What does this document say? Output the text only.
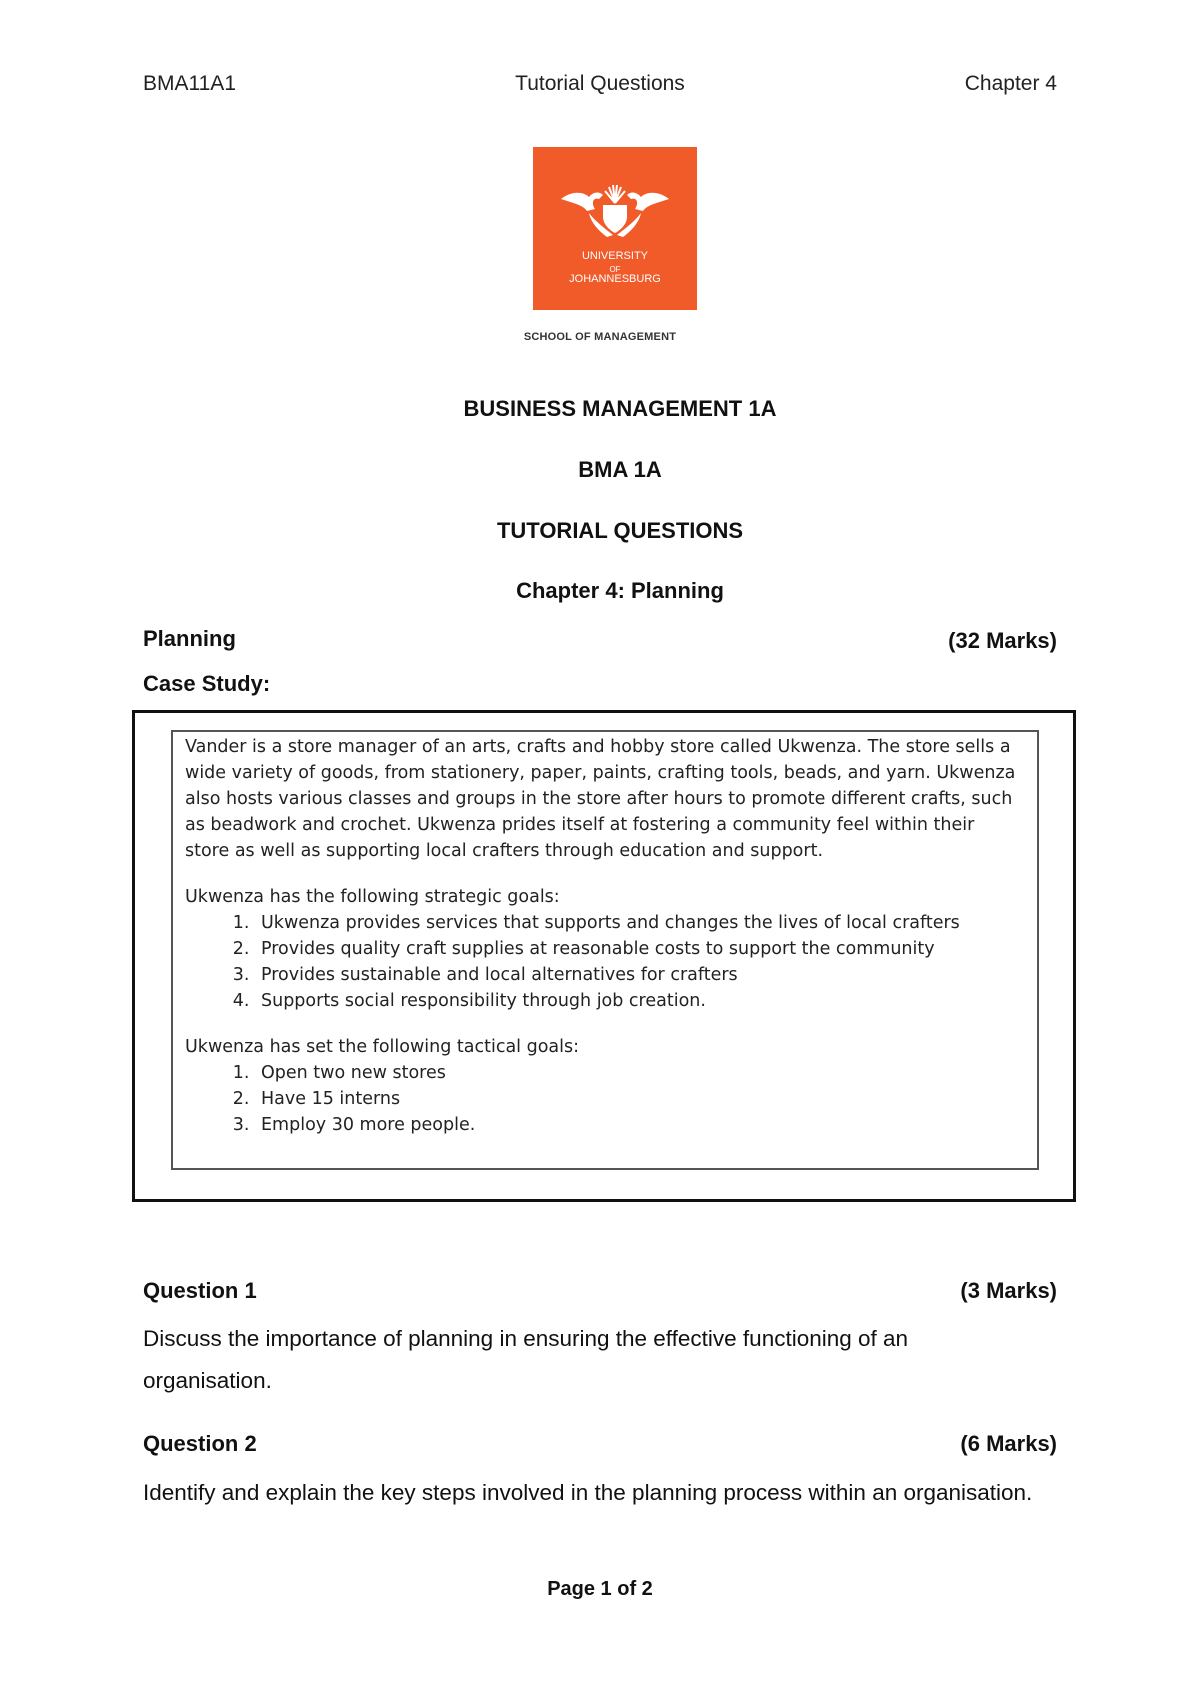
BMA11A1	Tutorial Questions	Chapter 4
UNIVERSITY
OF
JOHANNESBURG
SCHOOL OF MANAGEMENT
BUSINESS MANAGEMENT 1A
BMA 1A
TUTORIAL QUESTIONS
Chapter 4: Planning
Planning	(32 Marks)
Case Study:

Vander is a store manager of an arts, crafts and hobby store called Ukwenza. The store sells a wide variety of goods, from stationery, paper, paints, crafting tools, beads, and yarn. Ukwenza also hosts various classes and groups in the store after hours to promote different crafts, such as beadwork and crochet. Ukwenza prides itself at fostering a community feel within their store as well as supporting local crafters through education and support.

Ukwenza has the following strategic goals:

1. Ukwenza provides services that supports and changes the lives of local crafters
2. Provides quality craft supplies at reasonable costs to support the community
3. Provides sustainable and local alternatives for crafters
4. Supports social responsibility through job creation.

Ukwenza has set the following tactical goals:

1. Open two new stores
2. Have 15 interns
3. Employ 30 more people.
Question 1	(3 Marks)
Discuss the importance of planning in ensuring the effective functioning of an organisation.
Question 2	(6 Marks)
Identify and explain the key steps involved in the planning process within an organisation.
Page 1 of 2
